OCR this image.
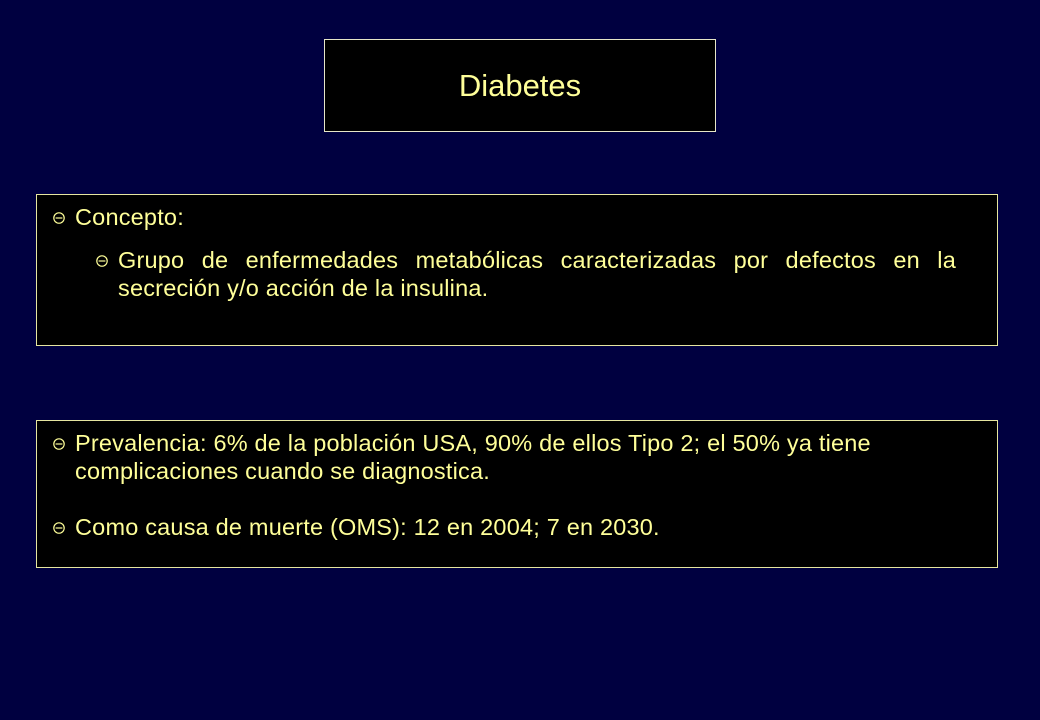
Diabetes
Concepto:
Grupo de enfermedades metabólicas caracterizadas por defectos en la secreción y/o acción de la insulina.
Prevalencia: 6% de la población USA, 90% de ellos Tipo 2; el 50% ya tiene complicaciones cuando se diagnostica.
Como causa de muerte (OMS): 12 en 2004; 7 en 2030.
